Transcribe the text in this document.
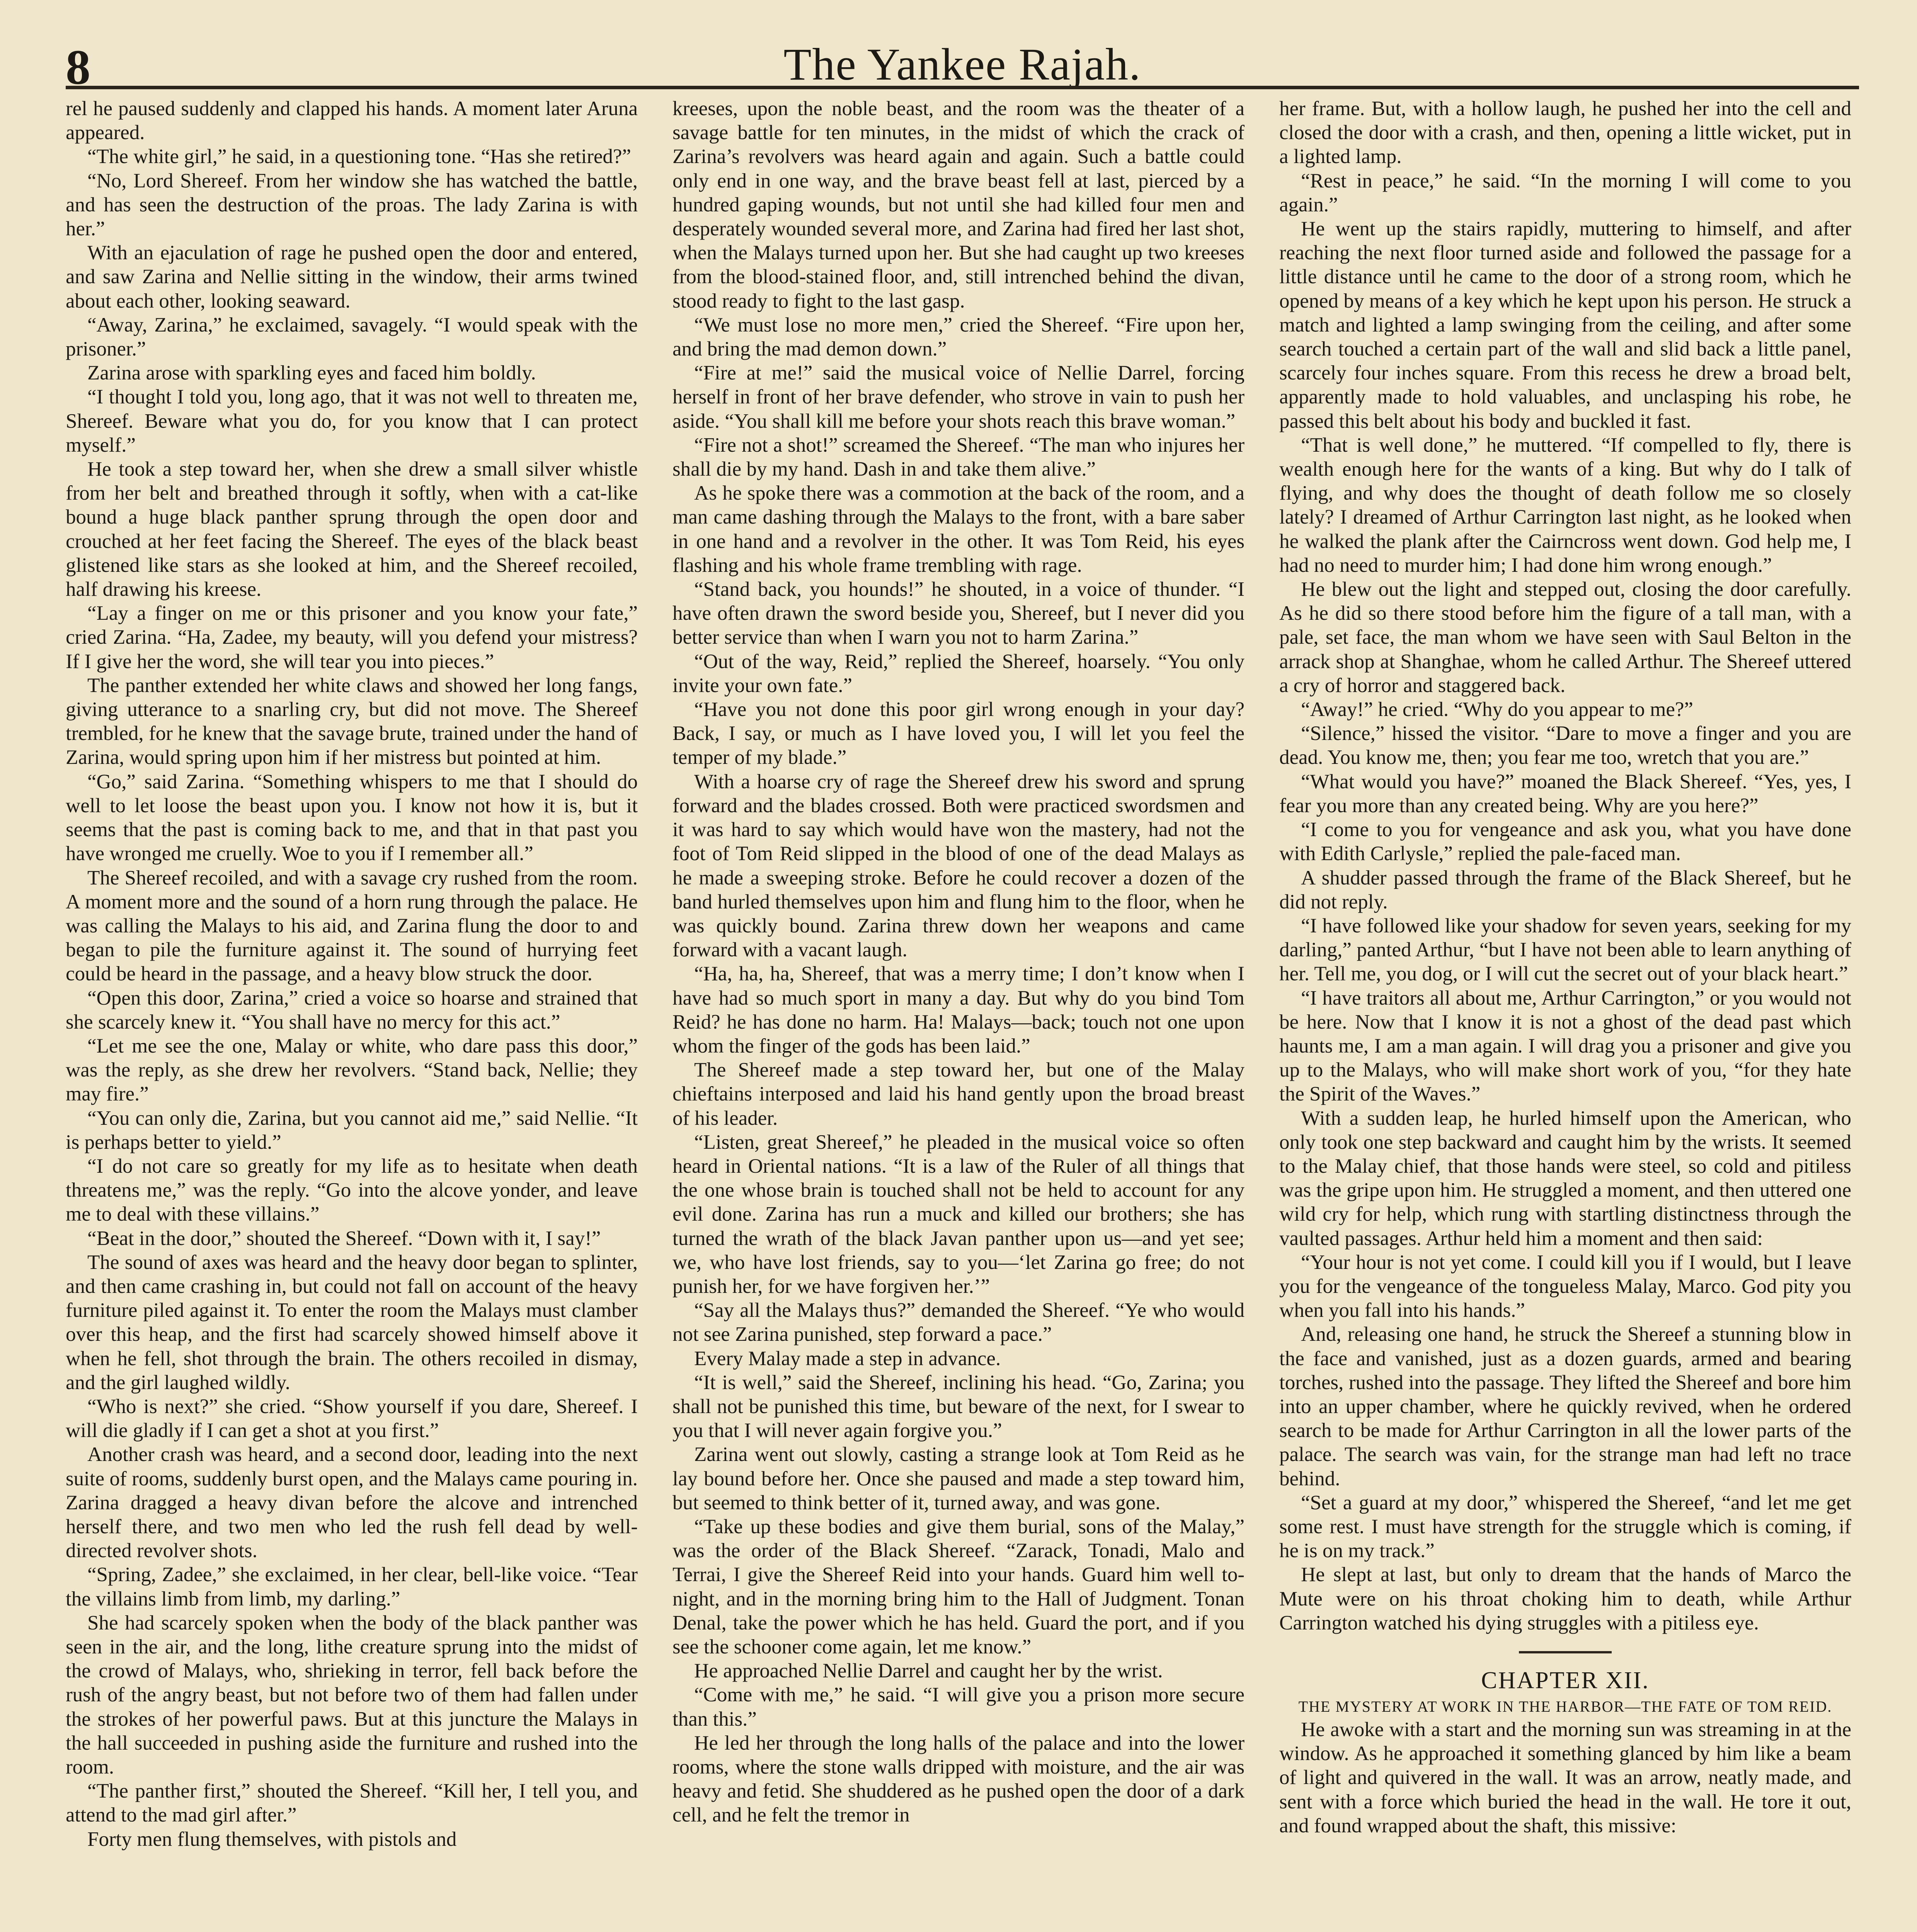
8	The Yankee Rajah.

rel he paused suddenly and clapped his hands. A moment later Aruna appeared.

“The white girl,” he said, in a questioning tone. “Has she retired?”

“No, Lord Shereef. From her window she has watched the battle, and has seen the destruction of the proas. The lady Zarina is with her.”

With an ejaculation of rage he pushed open the door and entered, and saw Zarina and Nellie sitting in the window, their arms twined about each other, looking seaward.

“Away, Zarina,” he exclaimed, savagely. “I would speak with the prisoner.”

Zarina arose with sparkling eyes and faced him boldly.

“I thought I told you, long ago, that it was not well to threaten me, Shereef. Beware what you do, for you know that I can protect myself.”

He took a step toward her, when she drew a small silver whistle from her belt and breathed through it softly, when with a cat-like bound a huge black panther sprung through the open door and crouched at her feet facing the Shereef. The eyes of the black beast glistened like stars as she looked at him, and the Shereef recoiled, half drawing his kreese.

“Lay a finger on me or this prisoner and you know your fate,” cried Zarina. “Ha, Zadee, my beauty, will you defend your mistress? If I give her the word, she will tear you into pieces.”

The panther extended her white claws and showed her long fangs, giving utterance to a snarling cry, but did not move. The Shereef trembled, for he knew that the savage brute, trained under the hand of Zarina, would spring upon him if her mistress but pointed at him.

“Go,” said Zarina. “Something whispers to me that I should do well to let loose the beast upon you. I know not how it is, but it seems that the past is coming back to me, and that in that past you have wronged me cruelly. Woe to you if I remember all.”

The Shereef recoiled, and with a savage cry rushed from the room. A moment more and the sound of a horn rung through the palace. He was calling the Malays to his aid, and Zarina flung the door to and began to pile the furniture against it. The sound of hurrying feet could be heard in the passage, and a heavy blow struck the door.

“Open this door, Zarina,” cried a voice so hoarse and strained that she scarcely knew it. “You shall have no mercy for this act.”

“Let me see the one, Malay or white, who dare pass this door,” was the reply, as she drew her revolvers. “Stand back, Nellie; they may fire.”

“You can only die, Zarina, but you cannot aid me,” said Nellie. “It is perhaps better to yield.”

“I do not care so greatly for my life as to hesitate when death threatens me,” was the reply. “Go into the alcove yonder, and leave me to deal with these villains.”

“Beat in the door,” shouted the Shereef. “Down with it, I say!”

The sound of axes was heard and the heavy door began to splinter, and then came crashing in, but could not fall on account of the heavy furniture piled against it. To enter the room the Malays must clamber over this heap, and the first had scarcely showed himself above it when he fell, shot through the brain. The others recoiled in dismay, and the girl laughed wildly.

“Who is next?” she cried. “Show yourself if you dare, Shereef. I will die gladly if I can get a shot at you first.”

Another crash was heard, and a second door, leading into the next suite of rooms, suddenly burst open, and the Malays came pouring in. Zarina dragged a heavy divan before the alcove and intrenched herself there, and two men who led the rush fell dead by well-directed revolver shots.

“Spring, Zadee,” she exclaimed, in her clear, bell-like voice. “Tear the villains limb from limb, my darling.”

She had scarcely spoken when the body of the black panther was seen in the air, and the long, lithe creature sprung into the midst of the crowd of Malays, who, shrieking in terror, fell back before the rush of the angry beast, but not before two of them had fallen under the strokes of her powerful paws. But at this juncture the Malays in the hall succeeded in pushing aside the furniture and rushed into the room.

“The panther first,” shouted the Shereef. “Kill her, I tell you, and attend to the mad girl after.”

Forty men flung themselves, with pistols and

kreeses, upon the noble beast, and the room was the theater of a savage battle for ten minutes, in the midst of which the crack of Zarina’s revolvers was heard again and again. Such a battle could only end in one way, and the brave beast fell at last, pierced by a hundred gaping wounds, but not until she had killed four men and desperately wounded several more, and Zarina had fired her last shot, when the Malays turned upon her. But she had caught up two kreeses from the blood-stained floor, and, still intrenched behind the divan, stood ready to fight to the last gasp.

“We must lose no more men,” cried the Shereef. “Fire upon her, and bring the mad demon down.”

“Fire at me!” said the musical voice of Nellie Darrel, forcing herself in front of her brave defender, who strove in vain to push her aside. “You shall kill me before your shots reach this brave woman.”

“Fire not a shot!” screamed the Shereef. “The man who injures her shall die by my hand. Dash in and take them alive.”

As he spoke there was a commotion at the back of the room, and a man came dashing through the Malays to the front, with a bare saber in one hand and a revolver in the other. It was Tom Reid, his eyes flashing and his whole frame trembling with rage.

“Stand back, you hounds!” he shouted, in a voice of thunder. “I have often drawn the sword beside you, Shereef, but I never did you better service than when I warn you not to harm Zarina.”

“Out of the way, Reid,” replied the Shereef, hoarsely. “You only invite your own fate.”

“Have you not done this poor girl wrong enough in your day? Back, I say, or much as I have loved you, I will let you feel the temper of my blade.”

With a hoarse cry of rage the Shereef drew his sword and sprung forward and the blades crossed. Both were practiced swordsmen and it was hard to say which would have won the mastery, had not the foot of Tom Reid slipped in the blood of one of the dead Malays as he made a sweeping stroke. Before he could recover a dozen of the band hurled themselves upon him and flung him to the floor, when he was quickly bound. Zarina threw down her weapons and came forward with a vacant laugh.

“Ha, ha, ha, Shereef, that was a merry time; I don’t know when I have had so much sport in many a day. But why do you bind Tom Reid? he has done no harm. Ha! Malays—back; touch not one upon whom the finger of the gods has been laid.”

The Shereef made a step toward her, but one of the Malay chieftains interposed and laid his hand gently upon the broad breast of his leader.

“Listen, great Shereef,” he pleaded in the musical voice so often heard in Oriental nations. “It is a law of the Ruler of all things that the one whose brain is touched shall not be held to account for any evil done. Zarina has run a muck and killed our brothers; she has turned the wrath of the black Javan panther upon us—and yet see; we, who have lost friends, say to you—‘let Zarina go free; do not punish her, for we have forgiven her.’”

“Say all the Malays thus?” demanded the Shereef. “Ye who would not see Zarina punished, step forward a pace.”

Every Malay made a step in advance.

“It is well,” said the Shereef, inclining his head. “Go, Zarina; you shall not be punished this time, but beware of the next, for I swear to you that I will never again forgive you.”

Zarina went out slowly, casting a strange look at Tom Reid as he lay bound before her. Once she paused and made a step toward him, but seemed to think better of it, turned away, and was gone.

“Take up these bodies and give them burial, sons of the Malay,” was the order of the Black Shereef. “Zarack, Tonadi, Malo and Terrai, I give the Shereef Reid into your hands. Guard him well to-night, and in the morning bring him to the Hall of Judgment. Tonan Denal, take the power which he has held. Guard the port, and if you see the schooner come again, let me know.”

He approached Nellie Darrel and caught her by the wrist.

“Come with me,” he said. “I will give you a prison more secure than this.”

He led her through the long halls of the palace and into the lower rooms, where the stone walls dripped with moisture, and the air was heavy and fetid. She shuddered as he pushed open the door of a dark cell, and he felt the tremor in

her frame. But, with a hollow laugh, he pushed her into the cell and closed the door with a crash, and then, opening a little wicket, put in a lighted lamp.

“Rest in peace,” he said. “In the morning I will come to you again.”

He went up the stairs rapidly, muttering to himself, and after reaching the next floor turned aside and followed the passage for a little distance until he came to the door of a strong room, which he opened by means of a key which he kept upon his person. He struck a match and lighted a lamp swinging from the ceiling, and after some search touched a certain part of the wall and slid back a little panel, scarcely four inches square. From this recess he drew a broad belt, apparently made to hold valuables, and unclasping his robe, he passed this belt about his body and buckled it fast.

“That is well done,” he muttered. “If compelled to fly, there is wealth enough here for the wants of a king. But why do I talk of flying, and why does the thought of death follow me so closely lately? I dreamed of Arthur Carrington last night, as he looked when he walked the plank after the Cairncross went down. God help me, I had no need to murder him; I had done him wrong enough.”

He blew out the light and stepped out, closing the door carefully. As he did so there stood before him the figure of a tall man, with a pale, set face, the man whom we have seen with Saul Belton in the arrack shop at Shanghae, whom he called Arthur. The Shereef uttered a cry of horror and staggered back.

“Away!” he cried. “Why do you appear to me?”

“Silence,” hissed the visitor. “Dare to move a finger and you are dead. You know me, then; you fear me too, wretch that you are.”

“What would you have?” moaned the Black Shereef. “Yes, yes, I fear you more than any created being. Why are you here?”

“I come to you for vengeance and ask you, what you have done with Edith Carlysle,” replied the pale-faced man.

A shudder passed through the frame of the Black Shereef, but he did not reply.

“I have followed like your shadow for seven years, seeking for my darling,” panted Arthur, “but I have not been able to learn anything of her. Tell me, you dog, or I will cut the secret out of your black heart.”

“I have traitors all about me, Arthur Carrington,” or you would not be here. Now that I know it is not a ghost of the dead past which haunts me, I am a man again. I will drag you a prisoner and give you up to the Malays, who will make short work of you, “for they hate the Spirit of the Waves.”

With a sudden leap, he hurled himself upon the American, who only took one step backward and caught him by the wrists. It seemed to the Malay chief, that those hands were steel, so cold and pitiless was the gripe upon him. He struggled a moment, and then uttered one wild cry for help, which rung with startling distinctness through the vaulted passages. Arthur held him a moment and then said:

“Your hour is not yet come. I could kill you if I would, but I leave you for the vengeance of the tongueless Malay, Marco. God pity you when you fall into his hands.”

And, releasing one hand, he struck the Shereef a stunning blow in the face and vanished, just as a dozen guards, armed and bearing torches, rushed into the passage. They lifted the Shereef and bore him into an upper chamber, where he quickly revived, when he ordered search to be made for Arthur Carrington in all the lower parts of the palace. The search was vain, for the strange man had left no trace behind.

“Set a guard at my door,” whispered the Shereef, “and let me get some rest. I must have strength for the struggle which is coming, if he is on my track.”

He slept at last, but only to dream that the hands of Marco the Mute were on his throat choking him to death, while Arthur Carrington watched his dying struggles with a pitiless eye.

CHAPTER XII.

THE MYSTERY AT WORK IN THE HARBOR—THE FATE OF TOM REID.

He awoke with a start and the morning sun was streaming in at the window. As he approached it something glanced by him like a beam of light and quivered in the wall. It was an arrow, neatly made, and sent with a force which buried the head in the wall. He tore it out, and found wrapped about the shaft, this missive:
